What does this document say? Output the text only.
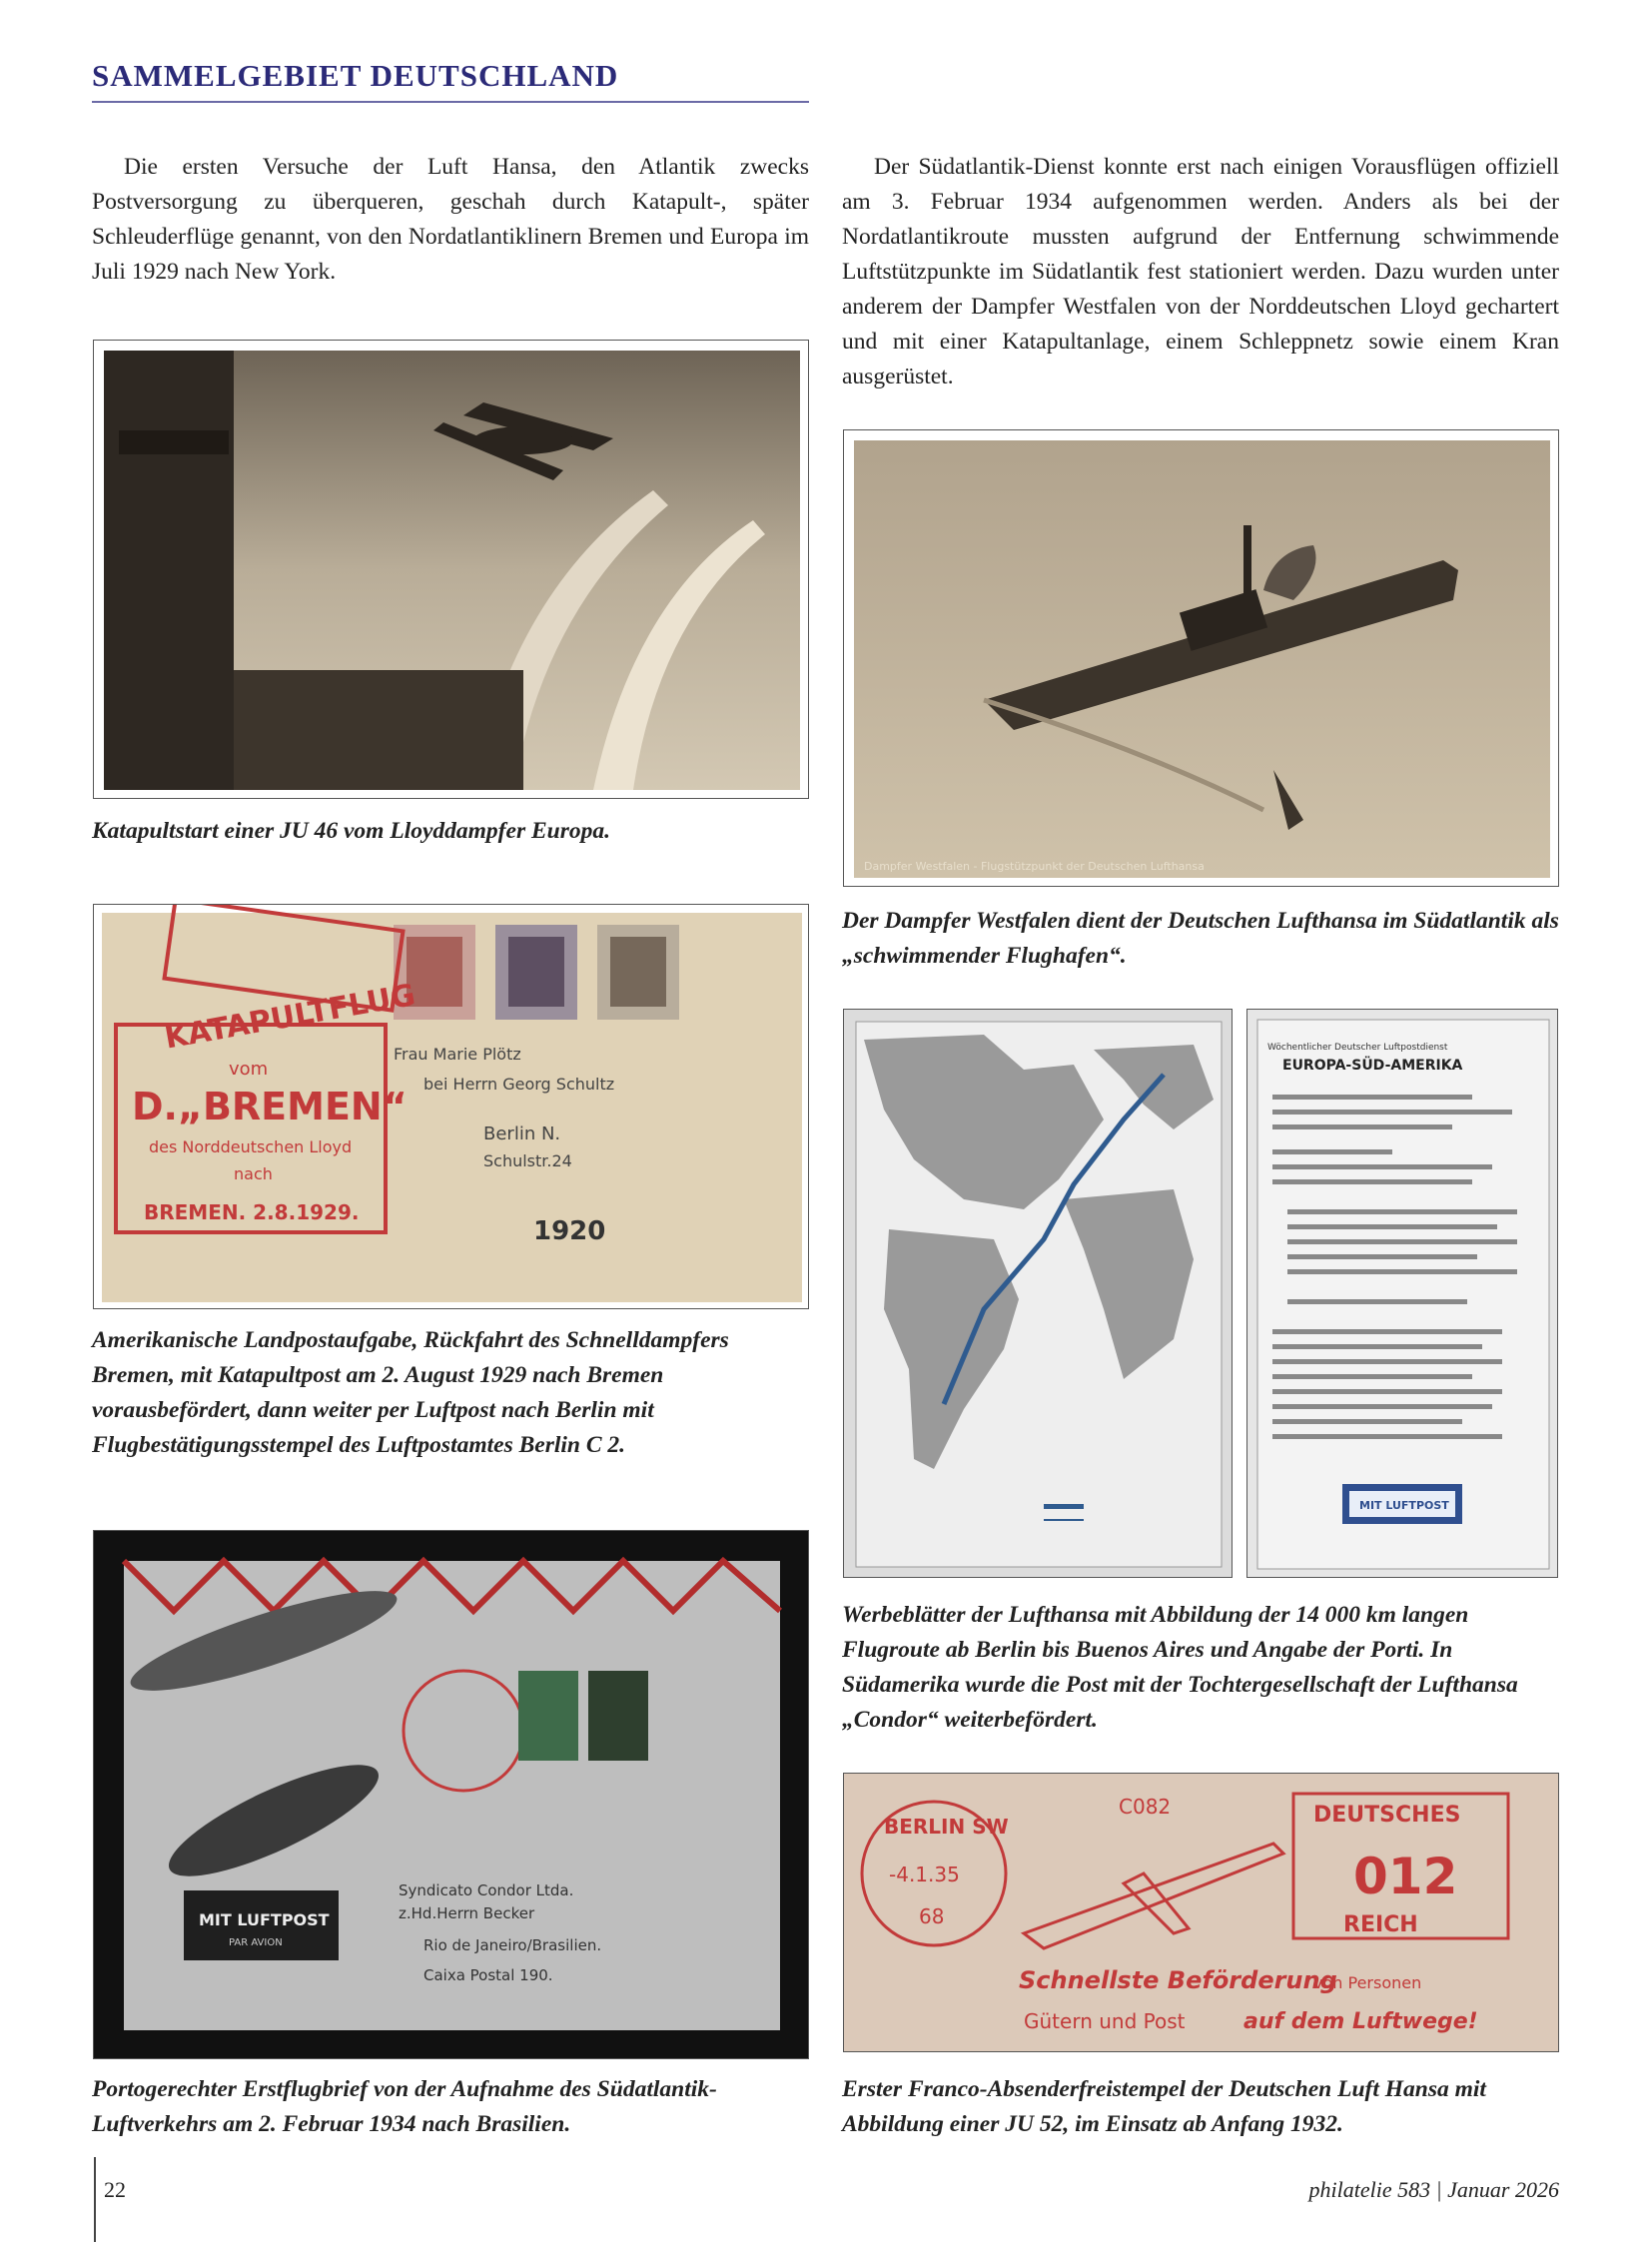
SAMMELGEBIET DEUTSCHLAND

Die ersten Versuche der Luft Hansa, den Atlantik zwecks Postversorgung zu überqueren, geschah durch Katapult-, später Schleuderflüge genannt, von den Nordatlantiklinern Bremen und Europa im Juli 1929 nach New York.

Der Südatlantik-Dienst konnte erst nach einigen Vorausflügen offiziell am 3. Februar 1934 aufgenommen werden. Anders als bei der Nordatlantikroute mussten aufgrund der Entfernung schwimmende Luftstützpunkte im Südatlantik fest stationiert werden. Dazu wurden unter anderem der Dampfer Westfalen von der Norddeutschen Lloyd gechartert und mit einer Katapultanlage, einem Schleppnetz sowie einem Kran ausgerüstet.

Katapultstart einer JU 46 vom Lloyddampfer Europa.

Dampfer Westfalen - Flugstützpunkt der Deutschen Lufthansa

Der Dampfer Westfalen dient der Deutschen Lufthansa im Südatlantik als „schwimmender Flughafen“.

KATAPULTFLUG
vom
D.„BREMEN“
des Norddeutschen Lloyd
nach
BREMEN. 2.8.1929.
Frau Marie Plötz
bei Herrn Georg Schultz
Berlin N.
Schulstr.24
1920

Amerikanische Landpostaufgabe, Rückfahrt des Schnelldampfers Bremen, mit Katapultpost am 2. August 1929 nach Bremen vorausbefördert, dann weiter per Luftpost nach Berlin mit Flugbestätigungsstempel des Luftpostamtes Berlin C 2.

Wöchentlicher Deutscher Luftpostdienst
EUROPA-SÜD-AMERIKA
MIT LUFTPOST

Werbeblätter der Lufthansa mit Abbildung der 14 000 km langen Flugroute ab Berlin bis Buenos Aires und Angabe der Porti. In Südamerika wurde die Post mit der Tochtergesellschaft der Lufthansa „Condor“ weiterbefördert.

MIT LUFTPOST
PAR AVION
Syndicato Condor Ltda.
z.Hd.Herrn Becker
Rio de Janeiro/Brasilien.
Caixa Postal 190.

Portogerechter Erstflugbrief von der Aufnahme des Südatlantik-Luftverkehrs am 2. Februar 1934 nach Brasilien.

BERLIN SW
-4.1.35
68
C082	DEUTSCHES
012
REICH
Schnellste Beförderung
von Personen
Gütern und Post	auf dem Luftwege!

Erster Franco-Absenderfreistempel der Deutschen Luft Hansa mit Abbildung einer JU 52, im Einsatz ab Anfang 1932.

22	philatelie 583 | Januar 2026
